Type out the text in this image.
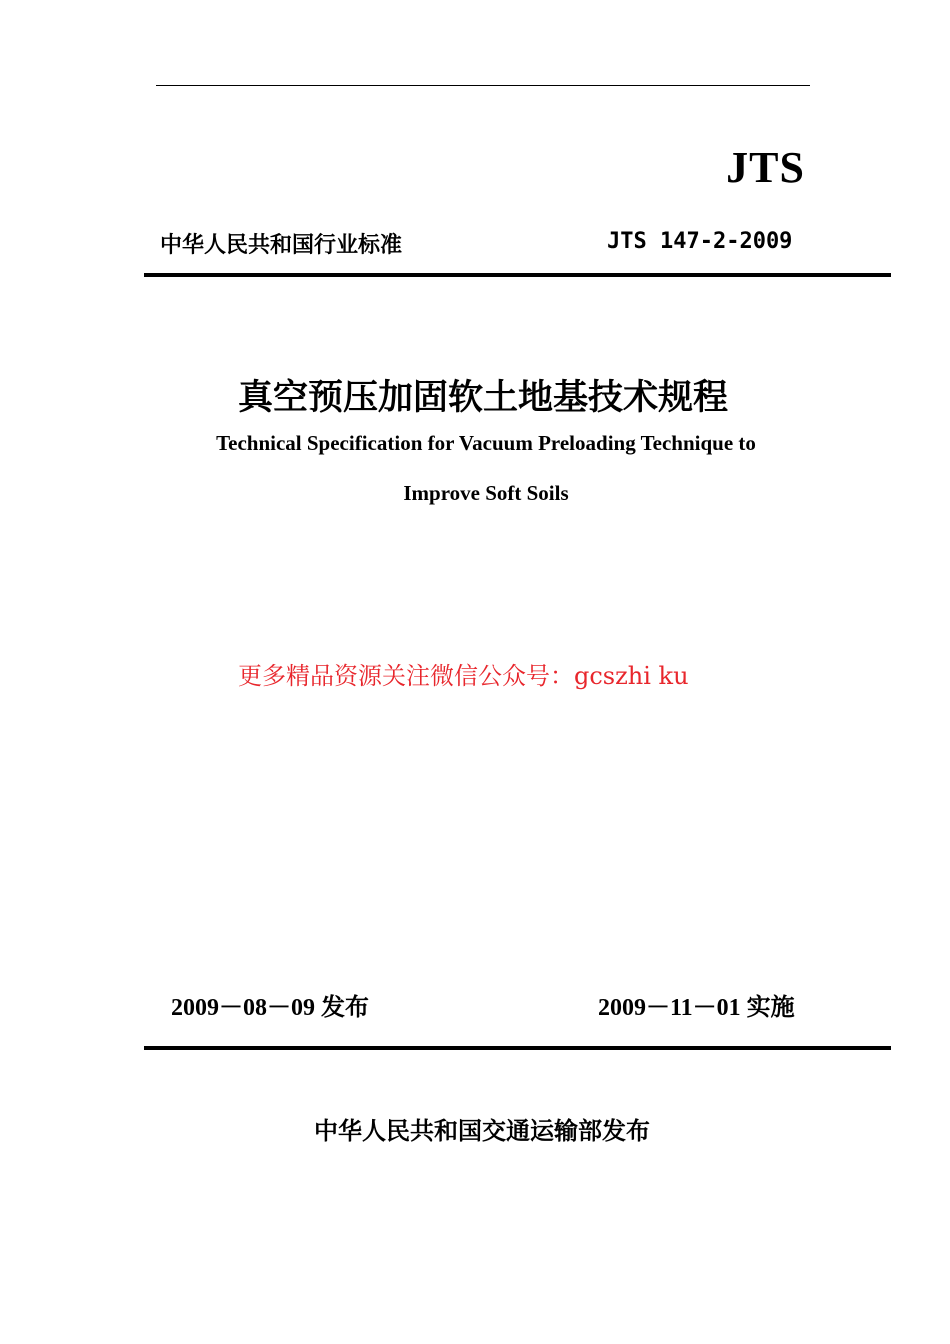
JTS
中华人民共和国行业标准	JTS 147-2-2009
真空预压加固软土地基技术规程
Technical Specification for Vacuum Preloading Technique to
Improve Soft Soils
更多精品资源关注微信公众号：gcszhi ku
2009－08－09 发布	2009－11－01 实施
中华人民共和国交通运输部发布
